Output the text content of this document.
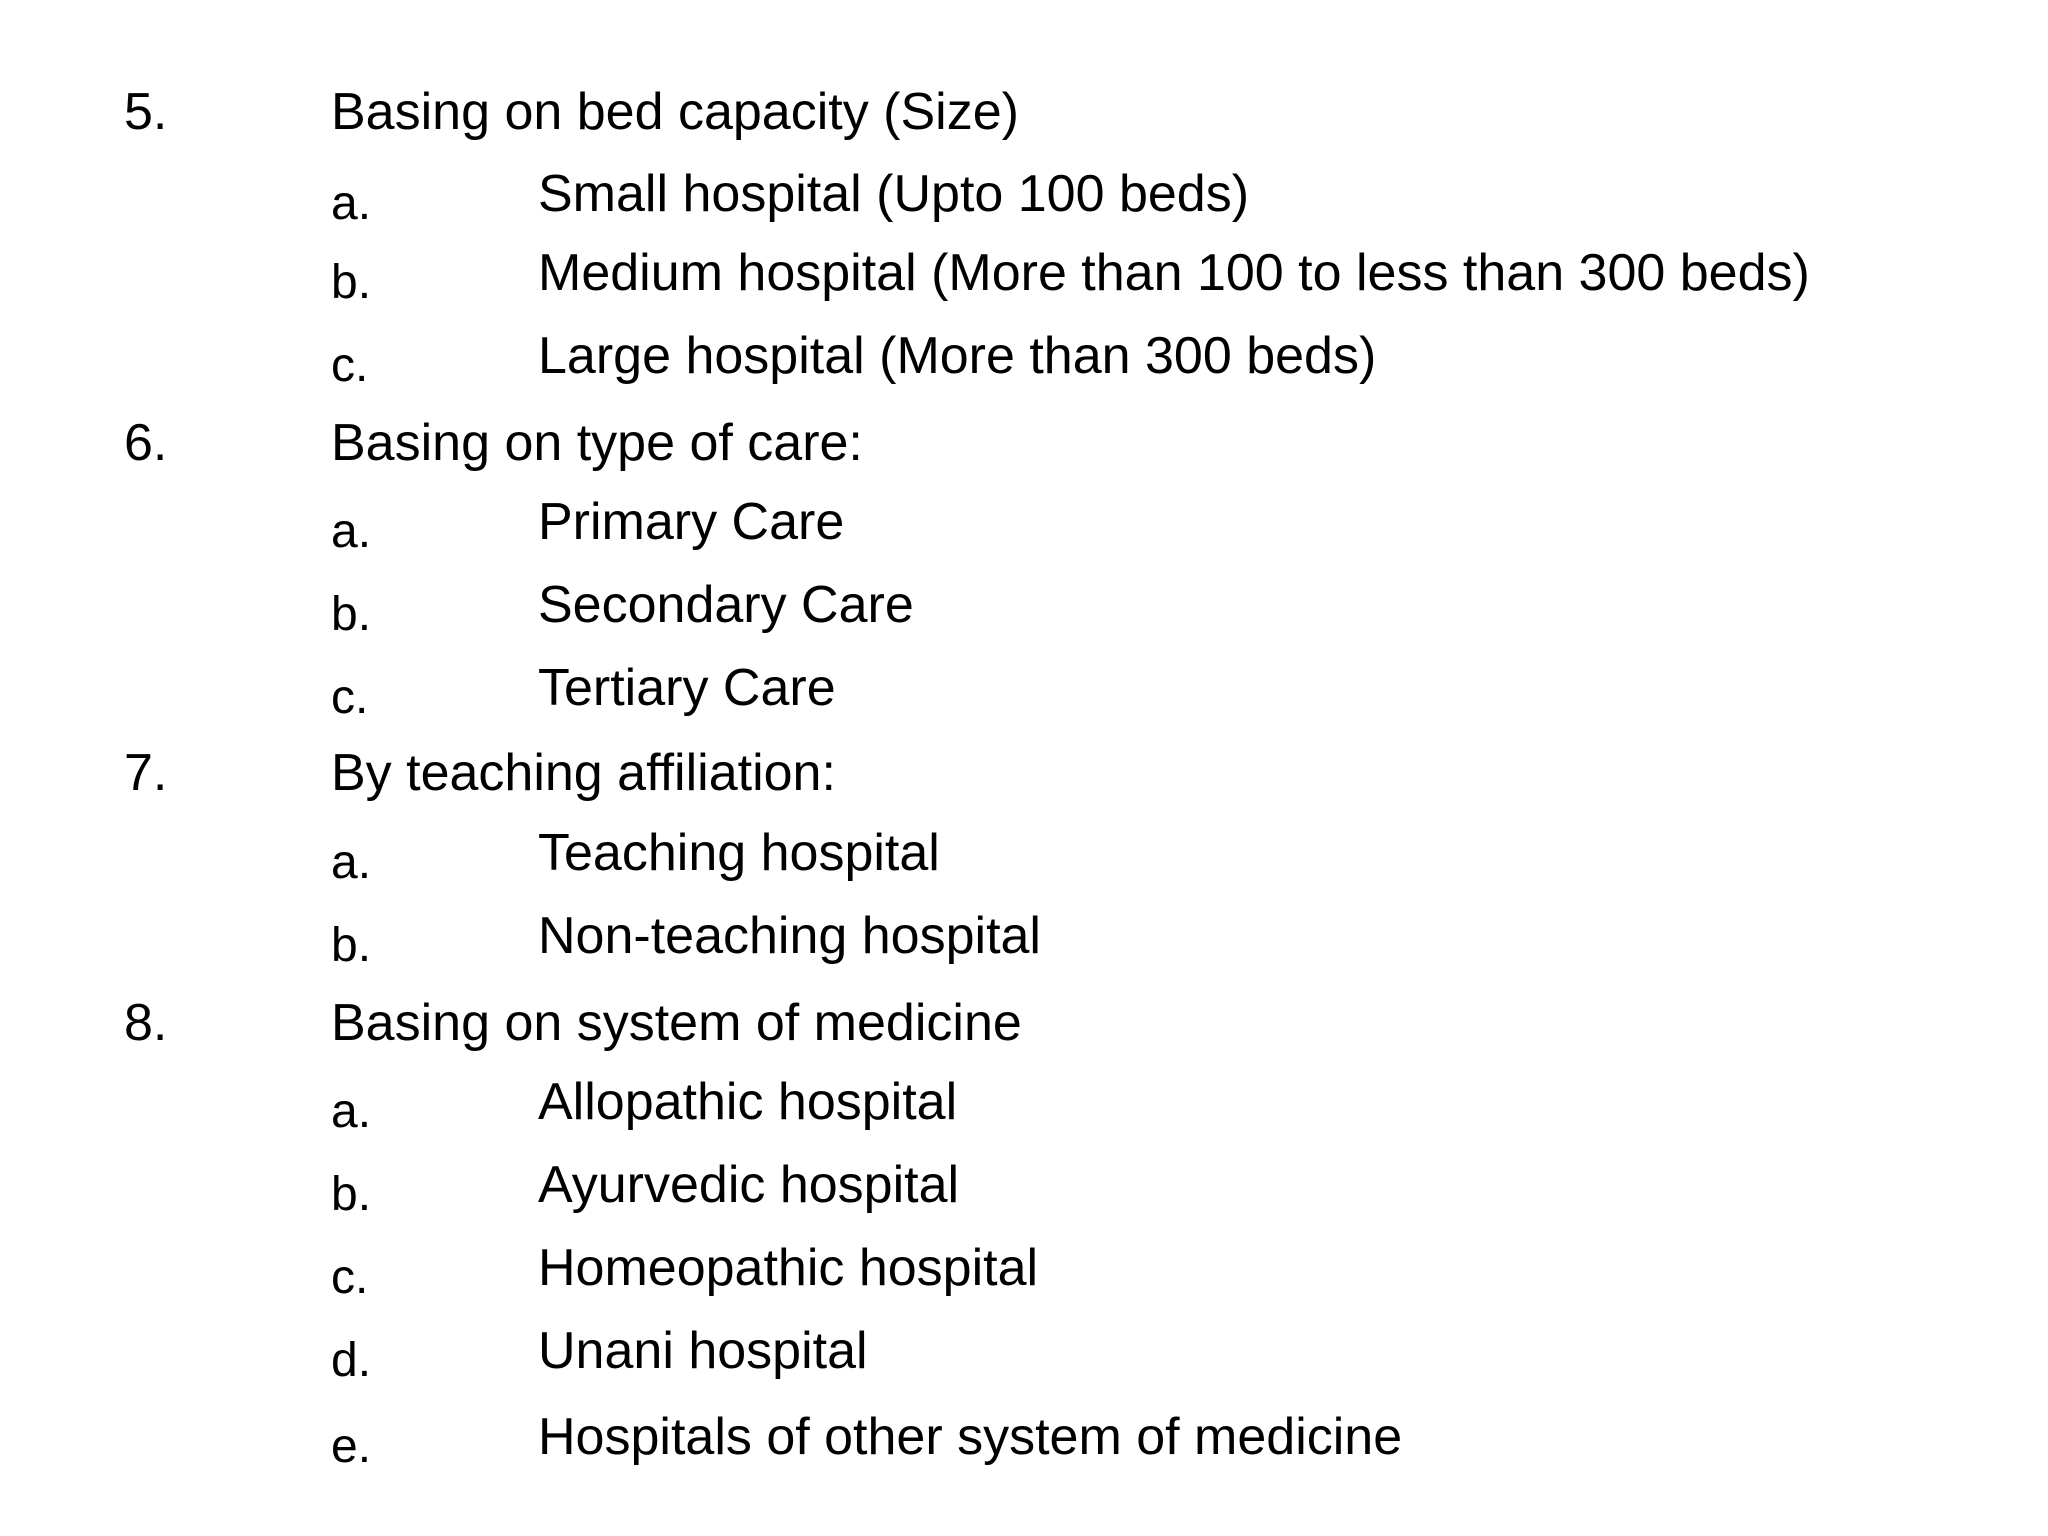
5.	Basing on bed capacity (Size)
a.	Small hospital (Upto 100 beds)
b.	Medium hospital (More than 100 to less than 300 beds)
c.	Large hospital (More than 300 beds)
6.	Basing on type of care:
a.	Primary Care
b.	Secondary Care
c.	Tertiary Care
7.	By teaching affiliation:
a.	Teaching hospital
b.	Non-teaching hospital
8.	Basing on system of medicine
a.	Allopathic hospital
b.	Ayurvedic hospital
c.	Homeopathic hospital
d.	Unani hospital
e.	Hospitals of other system of medicine
